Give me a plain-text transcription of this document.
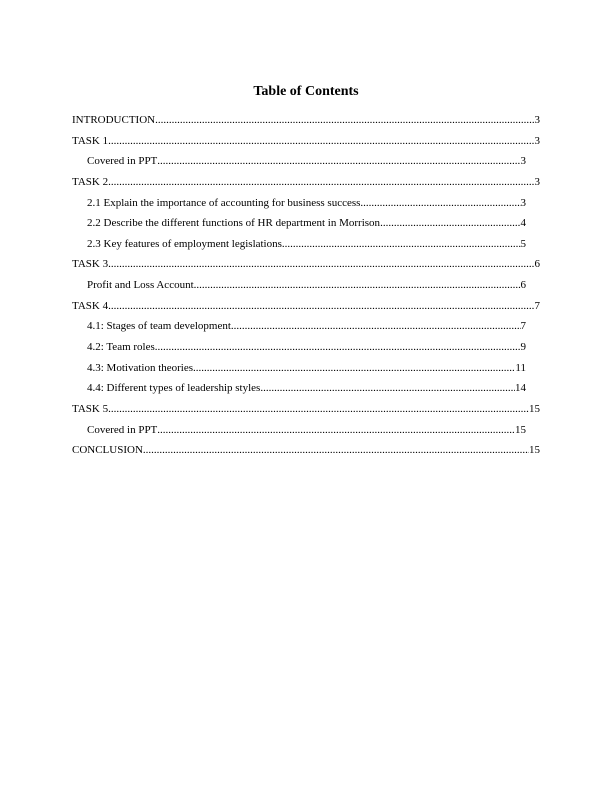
Table of Contents
INTRODUCTION .....	3
TASK 1 .....	3
Covered in PPT .....	3
TASK 2 .....	3
2.1 Explain the importance of accounting for business success .....	3
2.2 Describe the different functions of HR department in Morrison .....	4
2.3 Key features of employment legislations .....	5
TASK 3 .....	6
Profit and Loss Account .....	6
TASK 4 .....	7
4.1: Stages of team development .....	7
4.2: Team roles .....	9
4.3: Motivation theories .....	11
4.4: Different types of leadership styles .....	14
TASK 5 .....	15
Covered in PPT .....	15
CONCLUSION .....	15
